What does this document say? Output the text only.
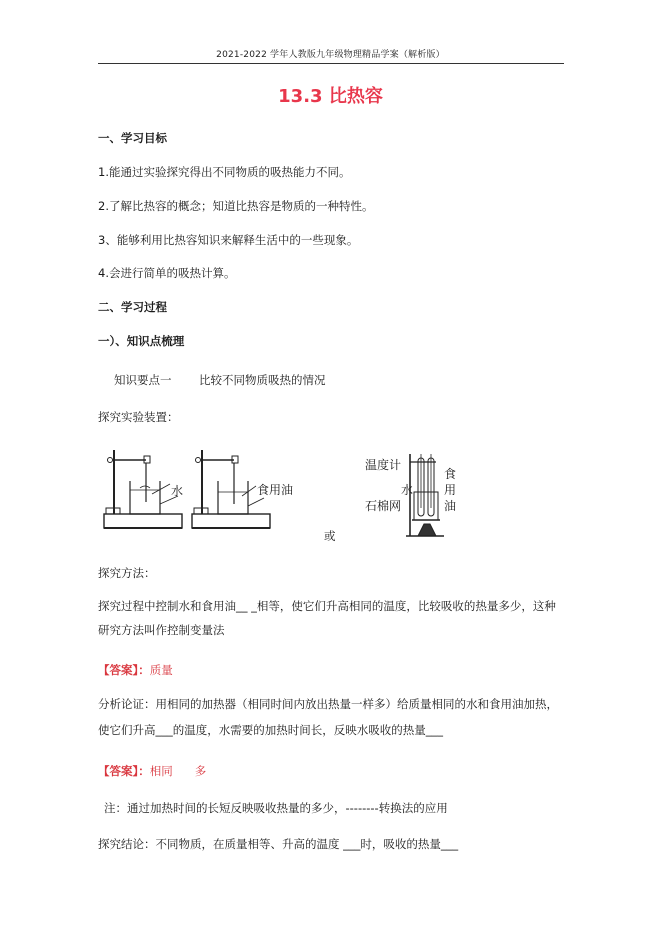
2021-2022 学年人教版九年级物理精品学案（解析版）
13.3 比热容
一、学习目标
1.能通过实验探究得出不同物质的吸热能力不同。
2.了解比热容的概念；知道比热容是物质的一种特性。
3、能够利用比热容知识来解释生活中的一些现象。
4.会进行简单的吸热计算。
二、学习过程
一）、知识点梳理
知识要点一 比较不同物质吸热的情况
探究实验装置：
水	食用油
或
温度计
水
石棉网
食
用
油
探究方法：
探究过程中控制水和食用油__ _相等，使它们升高相同的温度，比较吸收的热量多少，这种
研究方法叫作控制变量法
【答案】：质量
分析论证：用相同的加热器（相同时间内放出热量一样多）给质量相同的水和食用油加热，
使它们升高___的温度，水需要的加热时间长，反映水吸收的热量___
【答案】：相同 多
注：通过加热时间的长短反映吸收热量的多少，--------转换法的应用
探究结论：不同物质，在质量相等、升高的温度 ___时，吸收的热量___
